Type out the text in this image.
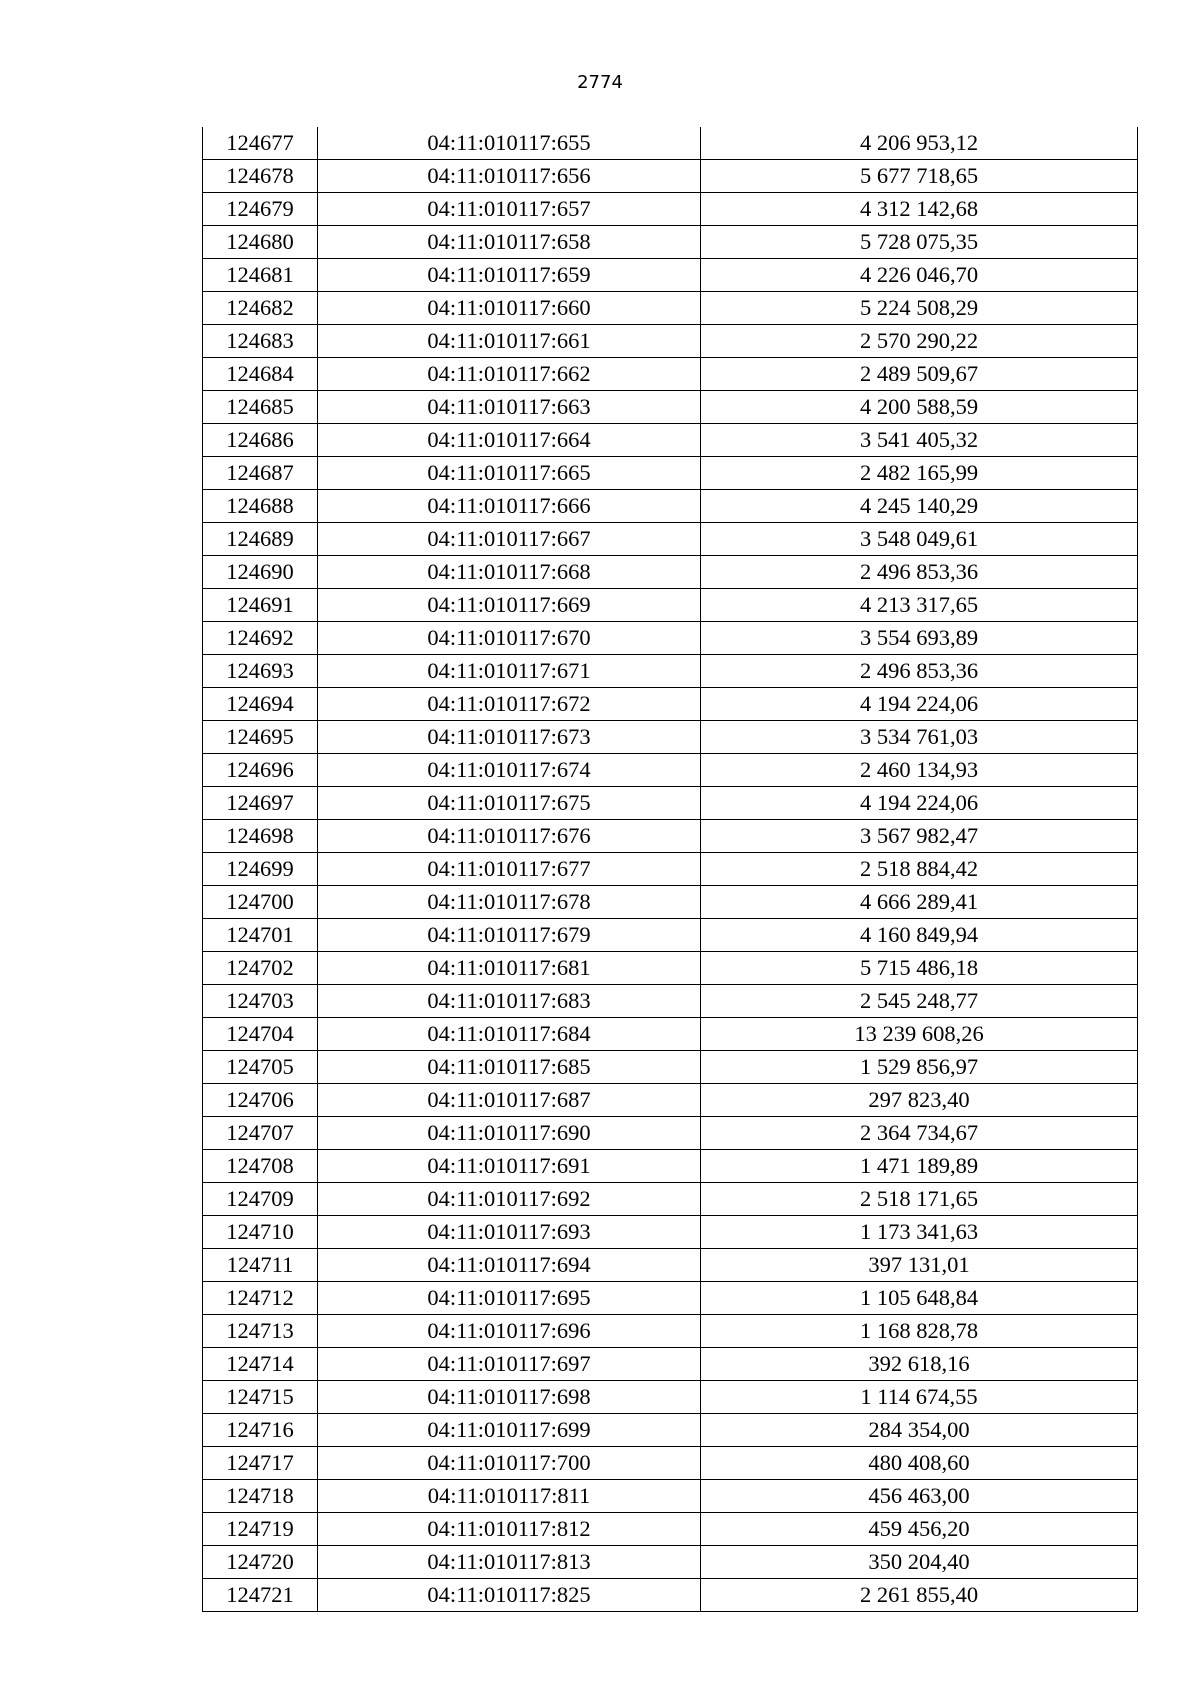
2774
124677	04:11:010117:655	4 206 953,12
124678	04:11:010117:656	5 677 718,65
124679	04:11:010117:657	4 312 142,68
124680	04:11:010117:658	5 728 075,35
124681	04:11:010117:659	4 226 046,70
124682	04:11:010117:660	5 224 508,29
124683	04:11:010117:661	2 570 290,22
124684	04:11:010117:662	2 489 509,67
124685	04:11:010117:663	4 200 588,59
124686	04:11:010117:664	3 541 405,32
124687	04:11:010117:665	2 482 165,99
124688	04:11:010117:666	4 245 140,29
124689	04:11:010117:667	3 548 049,61
124690	04:11:010117:668	2 496 853,36
124691	04:11:010117:669	4 213 317,65
124692	04:11:010117:670	3 554 693,89
124693	04:11:010117:671	2 496 853,36
124694	04:11:010117:672	4 194 224,06
124695	04:11:010117:673	3 534 761,03
124696	04:11:010117:674	2 460 134,93
124697	04:11:010117:675	4 194 224,06
124698	04:11:010117:676	3 567 982,47
124699	04:11:010117:677	2 518 884,42
124700	04:11:010117:678	4 666 289,41
124701	04:11:010117:679	4 160 849,94
124702	04:11:010117:681	5 715 486,18
124703	04:11:010117:683	2 545 248,77
124704	04:11:010117:684	13 239 608,26
124705	04:11:010117:685	1 529 856,97
124706	04:11:010117:687	297 823,40
124707	04:11:010117:690	2 364 734,67
124708	04:11:010117:691	1 471 189,89
124709	04:11:010117:692	2 518 171,65
124710	04:11:010117:693	1 173 341,63
124711	04:11:010117:694	397 131,01
124712	04:11:010117:695	1 105 648,84
124713	04:11:010117:696	1 168 828,78
124714	04:11:010117:697	392 618,16
124715	04:11:010117:698	1 114 674,55
124716	04:11:010117:699	284 354,00
124717	04:11:010117:700	480 408,60
124718	04:11:010117:811	456 463,00
124719	04:11:010117:812	459 456,20
124720	04:11:010117:813	350 204,40
124721	04:11:010117:825	2 261 855,40
